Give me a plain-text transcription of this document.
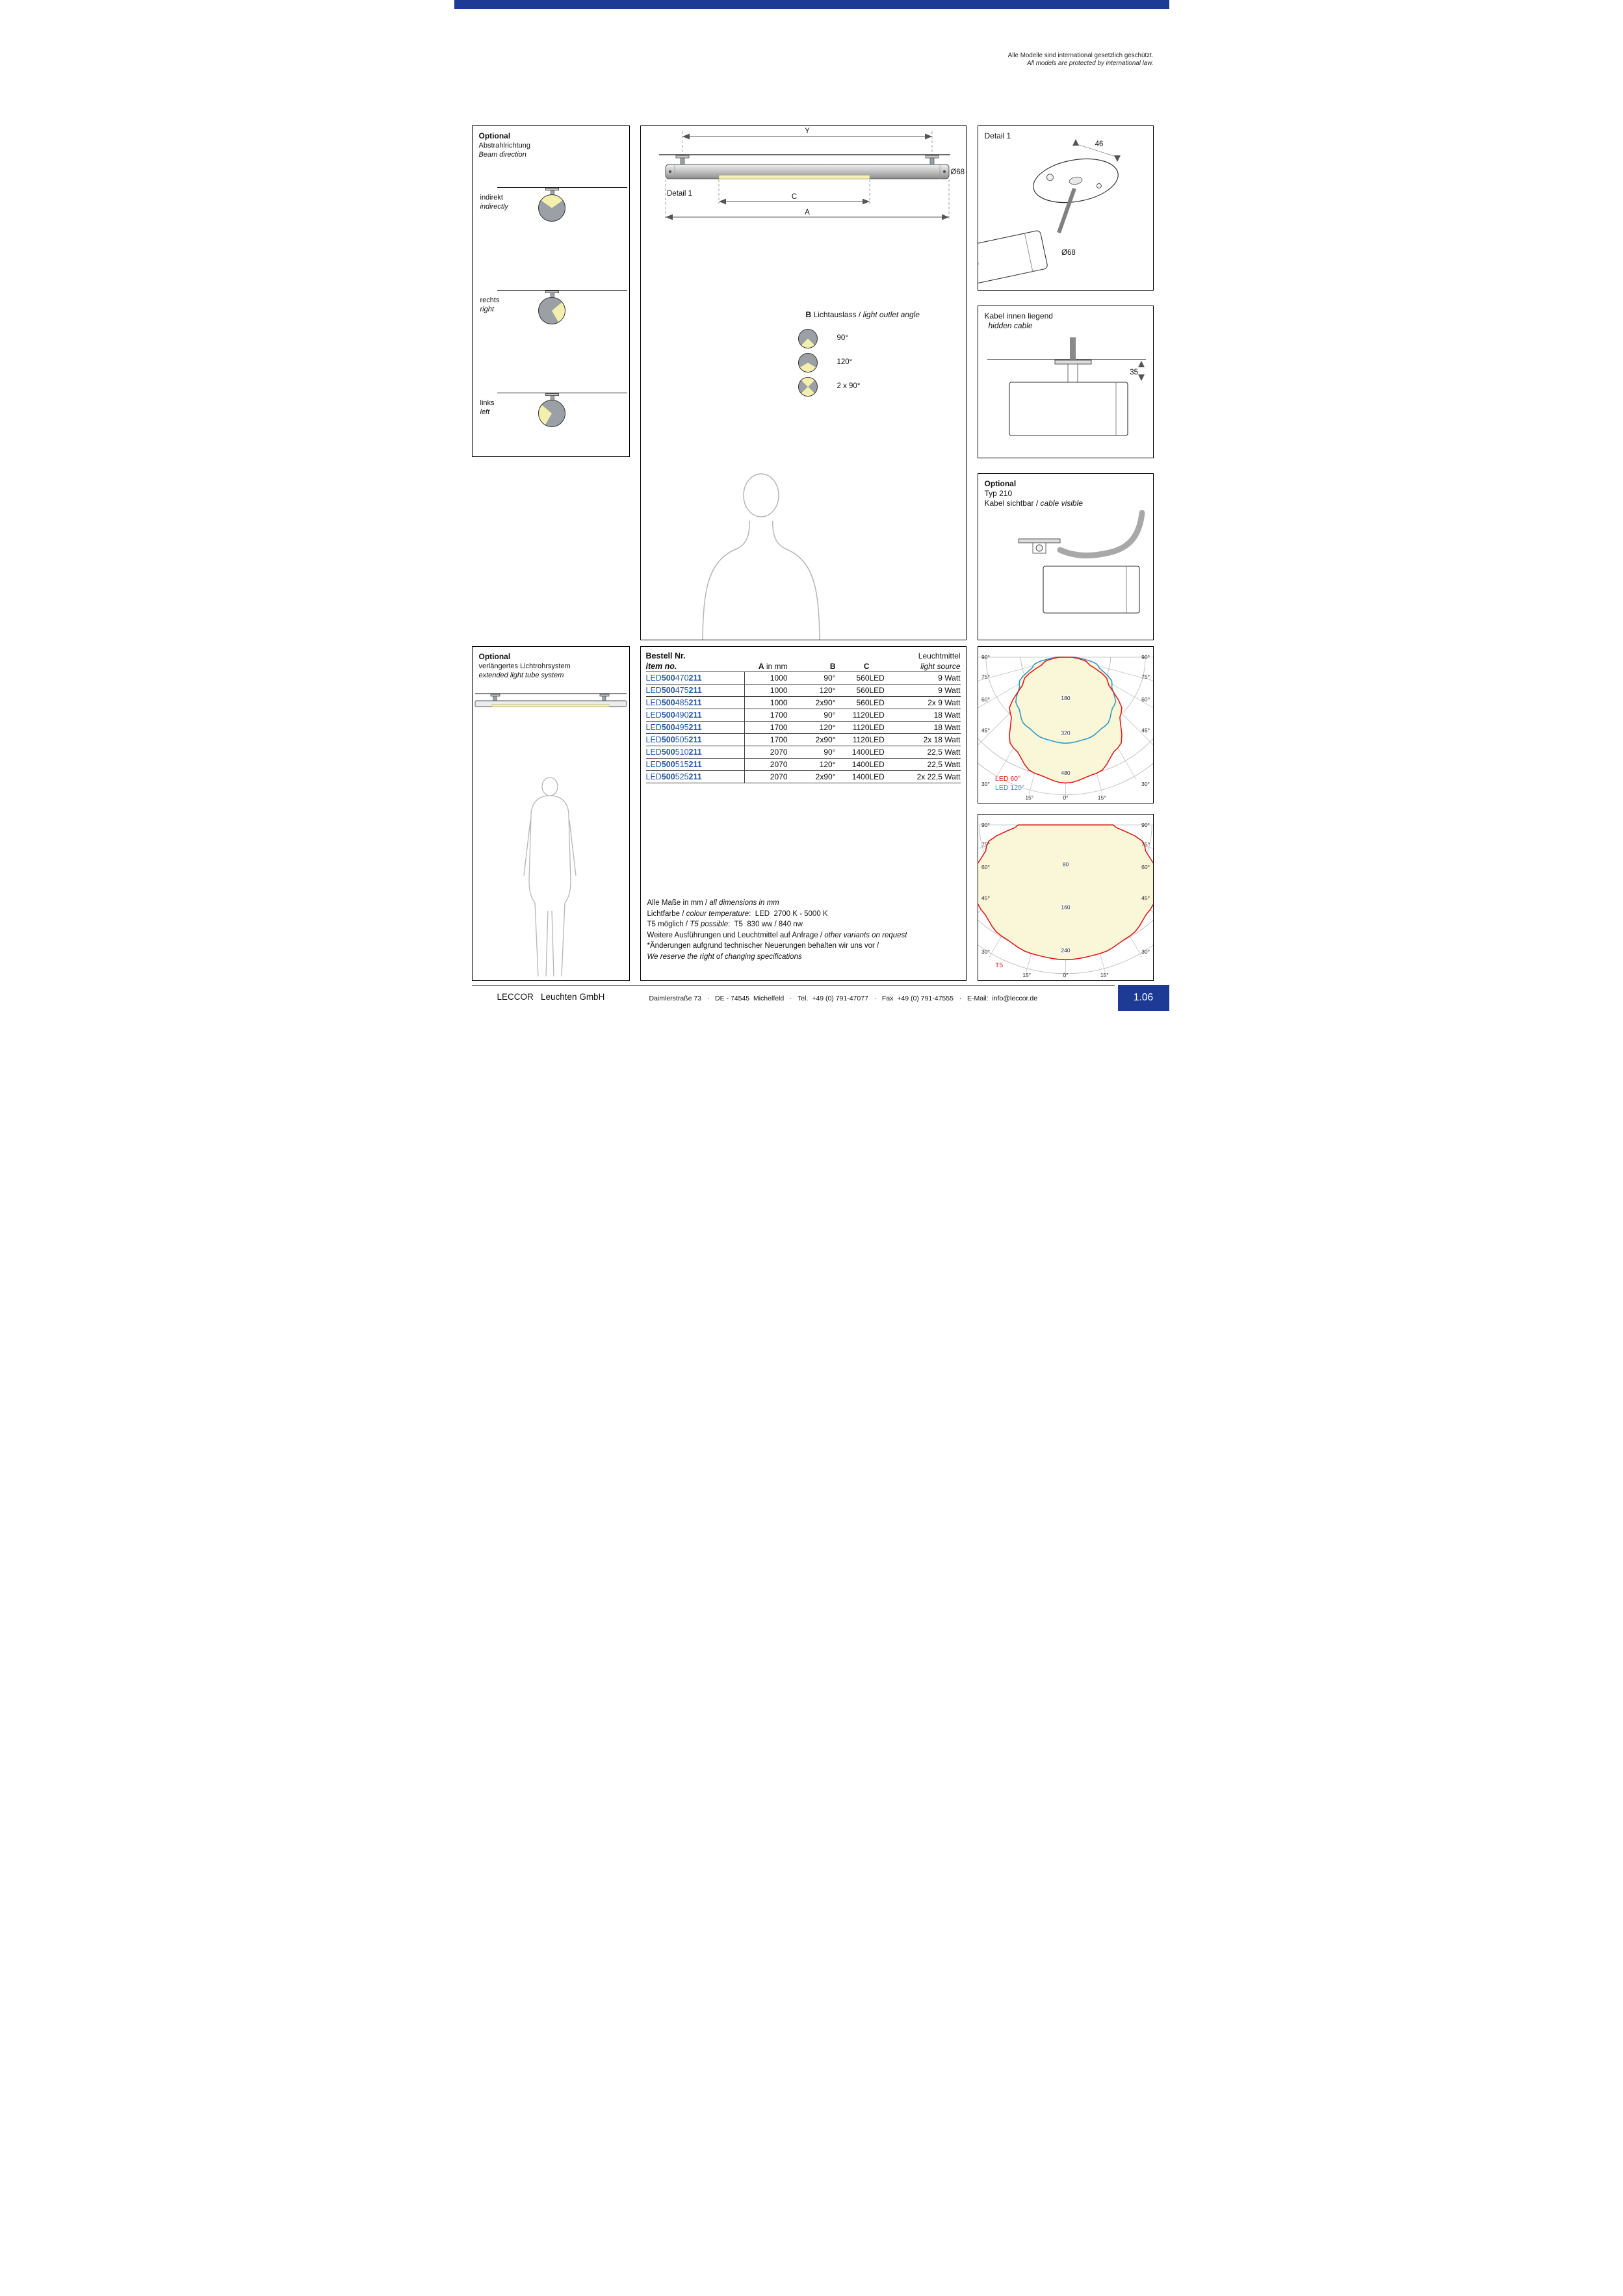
Alle Modelle sind international gesetzlich geschützt.
All models are protected by international law.
Optional
Abstrahlrichtung
Beam direction
indirekt
indirectly
rechts
right
links
left
Y
Ø68
Detail 1	C
A
B Lichtauslass / light outlet angle
90°
120°
2 x 90°
46
Ø68
Detail 1
35
Kabel innen liegend
hidden cable
Optional
Typ 210
Kabel sichtbar / cable visible
Optional
verlängertes Lichtrohrsystem
extended light tube system
Bestell Nr.					Leuchtmittel
item no.	A in mm	B	C		light source
LED500470211	1000	90°	560	LED	9 Watt
LED500475211	1000	120°	560	LED	9 Watt
LED500485211	1000	2x90°	560	LED	2x 9 Watt
LED500490211	1700	90°	1120	LED	18 Watt
LED500495211	1700	120°	1120	LED	18 Watt
LED500505211	1700	2x90°	1120	LED	2x 18 Watt
LED500510211	2070	90°	1400	LED	22,5 Watt
LED500515211	2070	120°	1400	LED	22,5 Watt
LED500525211	2070	2x90°	1400	LED	2x 22,5 Watt
Alle Maße in mm / all dimensions in mm
Lichtfarbe / colour temperature:  LED  2700 K - 5000 K
T5 möglich / T5 possible:  T5  830 ww / 840 nw
Weitere Ausführungen und Leuchtmittel auf Anfrage / other variants on request
*Änderungen aufgrund technischer Neuerungen behalten wir uns vor /
We reserve the right of changing specifications
180
320
480
90°	90°
75°	75°
60°	60°
45°	45°
30°	30°
15°
0°
15°
LED 60°
LED 120°
80
160
240
90°	90°
75°	75°
60°	60°
45°	45°
30°	30°
15°
0°
15°
T5
LECCOR   Leuchten GmbH	Daimlerstraße 73   ·   DE - 74545  Michelfeld   ·   Tel.  +49 (0) 791-47077   ·   Fax  +49 (0) 791-47555   ·   E-Mail:  info@leccor.de	1.06
